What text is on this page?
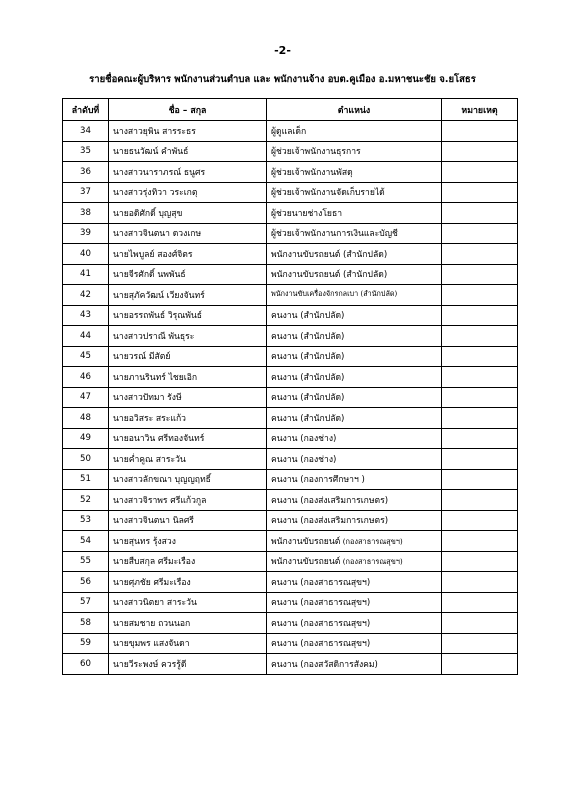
-2-
รายชื่อคณะผู้บริหาร พนักงานส่วนตำบล และ พนักงานจ้าง อบต.คูเมือง อ.มหาชนะชัย จ.ยโสธร
ลำดับที่	ชื่อ – สกุล	ตำแหน่ง	หมายเหตุ
34	นางสาวยุพิน สารระธร	ผู้ดูแลเด็ก	
35	นายธนวัฒน์ คำพันธ์	ผู้ช่วยเจ้าพนักงานธุรการ	
36	นางสาวนาราภรณ์ ธนูศร	ผู้ช่วยเจ้าพนักงานพัสดุ	
37	นางสาวรุ่งทิวา วระเกตุ	ผู้ช่วยเจ้าพนักงานจัดเก็บรายได้	
38	นายอดิศักดิ์ บุญสุข	ผู้ช่วยนายช่างโยธา	
39	นางสาวจินตนา ดวงเกษ	ผู้ช่วยเจ้าพนักงานการเงินและบัญชี	
40	นายไพบูลย์ สองศ์จิตร	พนักงานขับรถยนต์ (สำนักปลัด)	
41	นายจีรศักดิ์ นพพันธ์	พนักงานขับรถยนต์ (สำนักปลัด)	
42	นายสุภัควัฒน์ เวียงจันทร์	พนักงานขับเครื่องจักรกลเบา (สำนักปลัด)	
43	นายอรรถพันธ์ วิรุณพันธ์	คนงาน (สำนักปลัด)	
44	นางสาวปราณี พันธุระ	คนงาน (สำนักปลัด)	
45	นายวรณ์ มีสัตย์	คนงาน (สำนักปลัด)	
46	นายภานรินทร์ ไชยเอิก	คนงาน (สำนักปลัด)	
47	นางสาวปัทมา รังษี	คนงาน (สำนักปลัด)	
48	นายอวิสระ สระแก้ว	คนงาน (สำนักปลัด)	
49	นายอนาวิน ศรีทองจันทร์	คนงาน (กองช่าง)	
50	นายค่ำคูณ สาระวัน	คนงาน (กองช่าง)	
51	นางสาวลักขณา บุญญฤทธิ์	คนงาน (กองการศึกษาฯ )	
52	นางสาวจิราพร ศรีแก้วกูล	คนงาน (กองส่งเสริมการเกษตร)	
53	นางสาวจินตนา นิลศรี	คนงาน (กองส่งเสริมการเกษตร)	
54	นายสุนทร รุ้งสวง	พนักงานขับรถยนต์ (กองสาธารณสุขฯ)	
55	นายสืบสกุล ศรีมะเรือง	พนักงานขับรถยนต์ (กองสาธารณสุขฯ)	
56	นายศุภชัย ศรีมะเรือง	คนงาน (กองสาธารณสุขฯ)	
57	นางสาวนิตยา สาระวัน	คนงาน (กองสาธารณสุขฯ)	
58	นายสมชาย ถวนนอก	คนงาน (กองสาธารณสุขฯ)	
59	นายขุมพร แสงจันดา	คนงาน (กองสาธารณสุขฯ)	
60	นายวีระพงษ์ ควรรู้ดี	คนงาน (กองสวัสดิการสังคม)	
